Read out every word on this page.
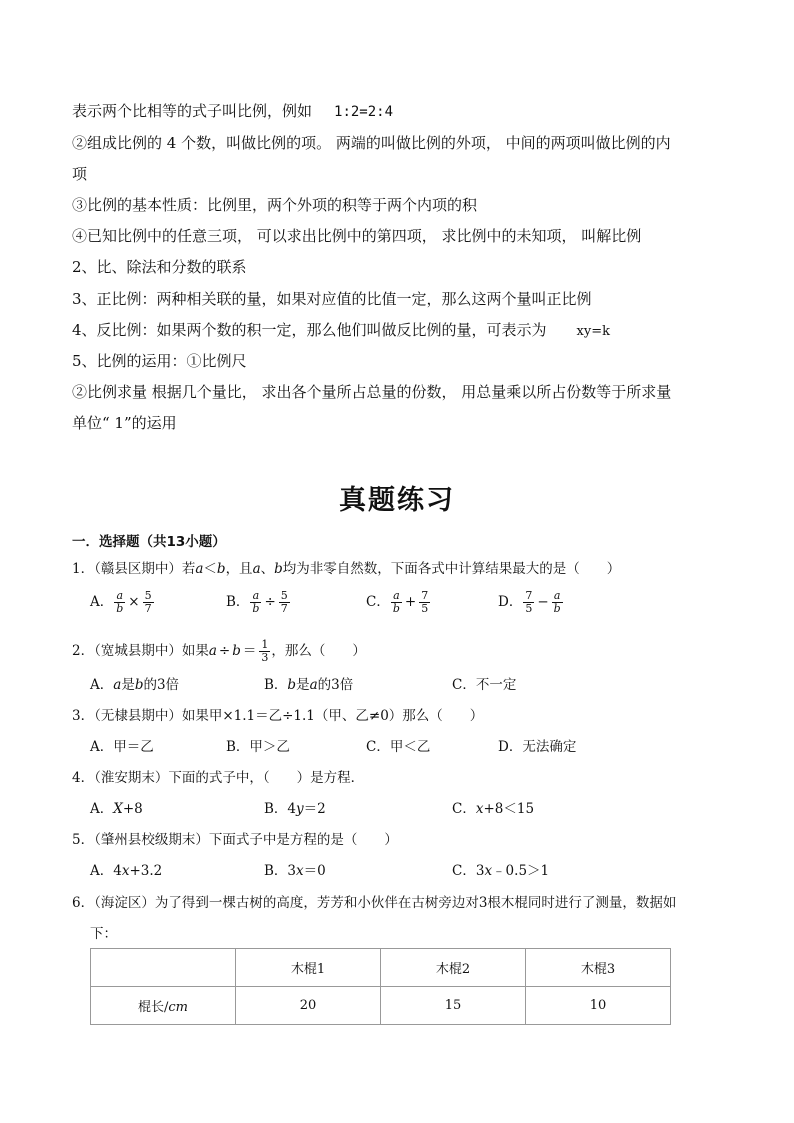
表示两个比相等的式子叫比例，例如 1:2=2:4
②组成比例的 4 个数，叫做比例的项。 两端的叫做比例的外项， 中间的两项叫做比例的内
项
③比例的基本性质：比例里，两个外项的积等于两个内项的积
④已知比例中的任意三项， 可以求出比例中的第四项， 求比例中的未知项， 叫解比例
2、比、除法和分数的联系
3、正比例：两种相关联的量，如果对应值的比值一定，那么这两个量叫正比例
4、反比例：如果两个数的积一定，那么他们叫做反比例的量，可表示为 xy=k
5、比例的运用：①比例尺
②比例求量 根据几个量比， 求出各个量所占总量的份数， 用总量乘以所占份数等于所求量
单位“ 1”的运用
真题练习
一．选择题（共13小题）
1．（赣县区期中）若a＜b，且a、b均为非零自然数，下面各式中计算结果最大的是（　　）
A． $\frac{a}{b} \times \frac{5}{7}$	B． $\frac{a}{b} \div \frac{5}{7}$	C． $\frac{a}{b} + \frac{7}{5}$	D． $\frac{7}{5} - \frac{a}{b}$
2．（宽城县期中）如果$a \div b = \frac{1}{3}$ ，那么（　　）
A．a是b的3倍	B．b是a的3倍	C．不一定
3．（无棣县期中）如果甲×1.1＝乙÷1.1（甲、乙≠0）那么（　　）
A．甲＝乙	B．甲＞乙	C．甲＜乙	D．无法确定
4．（淮安期末）下面的式子中，（　　）是方程．
A．X+8	B．4y＝2	C．x+8＜15
5．（肇州县校级期末）下面式子中是方程的是（　　）
A．4x+3.2	B．3x＝0	C．3x﹣0.5＞1
6．（海淀区）为了得到一棵古树的高度，芳芳和小伙伴在古树旁边对3根木棍同时进行了测量，数据如
下：
	木棍1	木棍2	木棍3
棍长/cm	20	15	10
